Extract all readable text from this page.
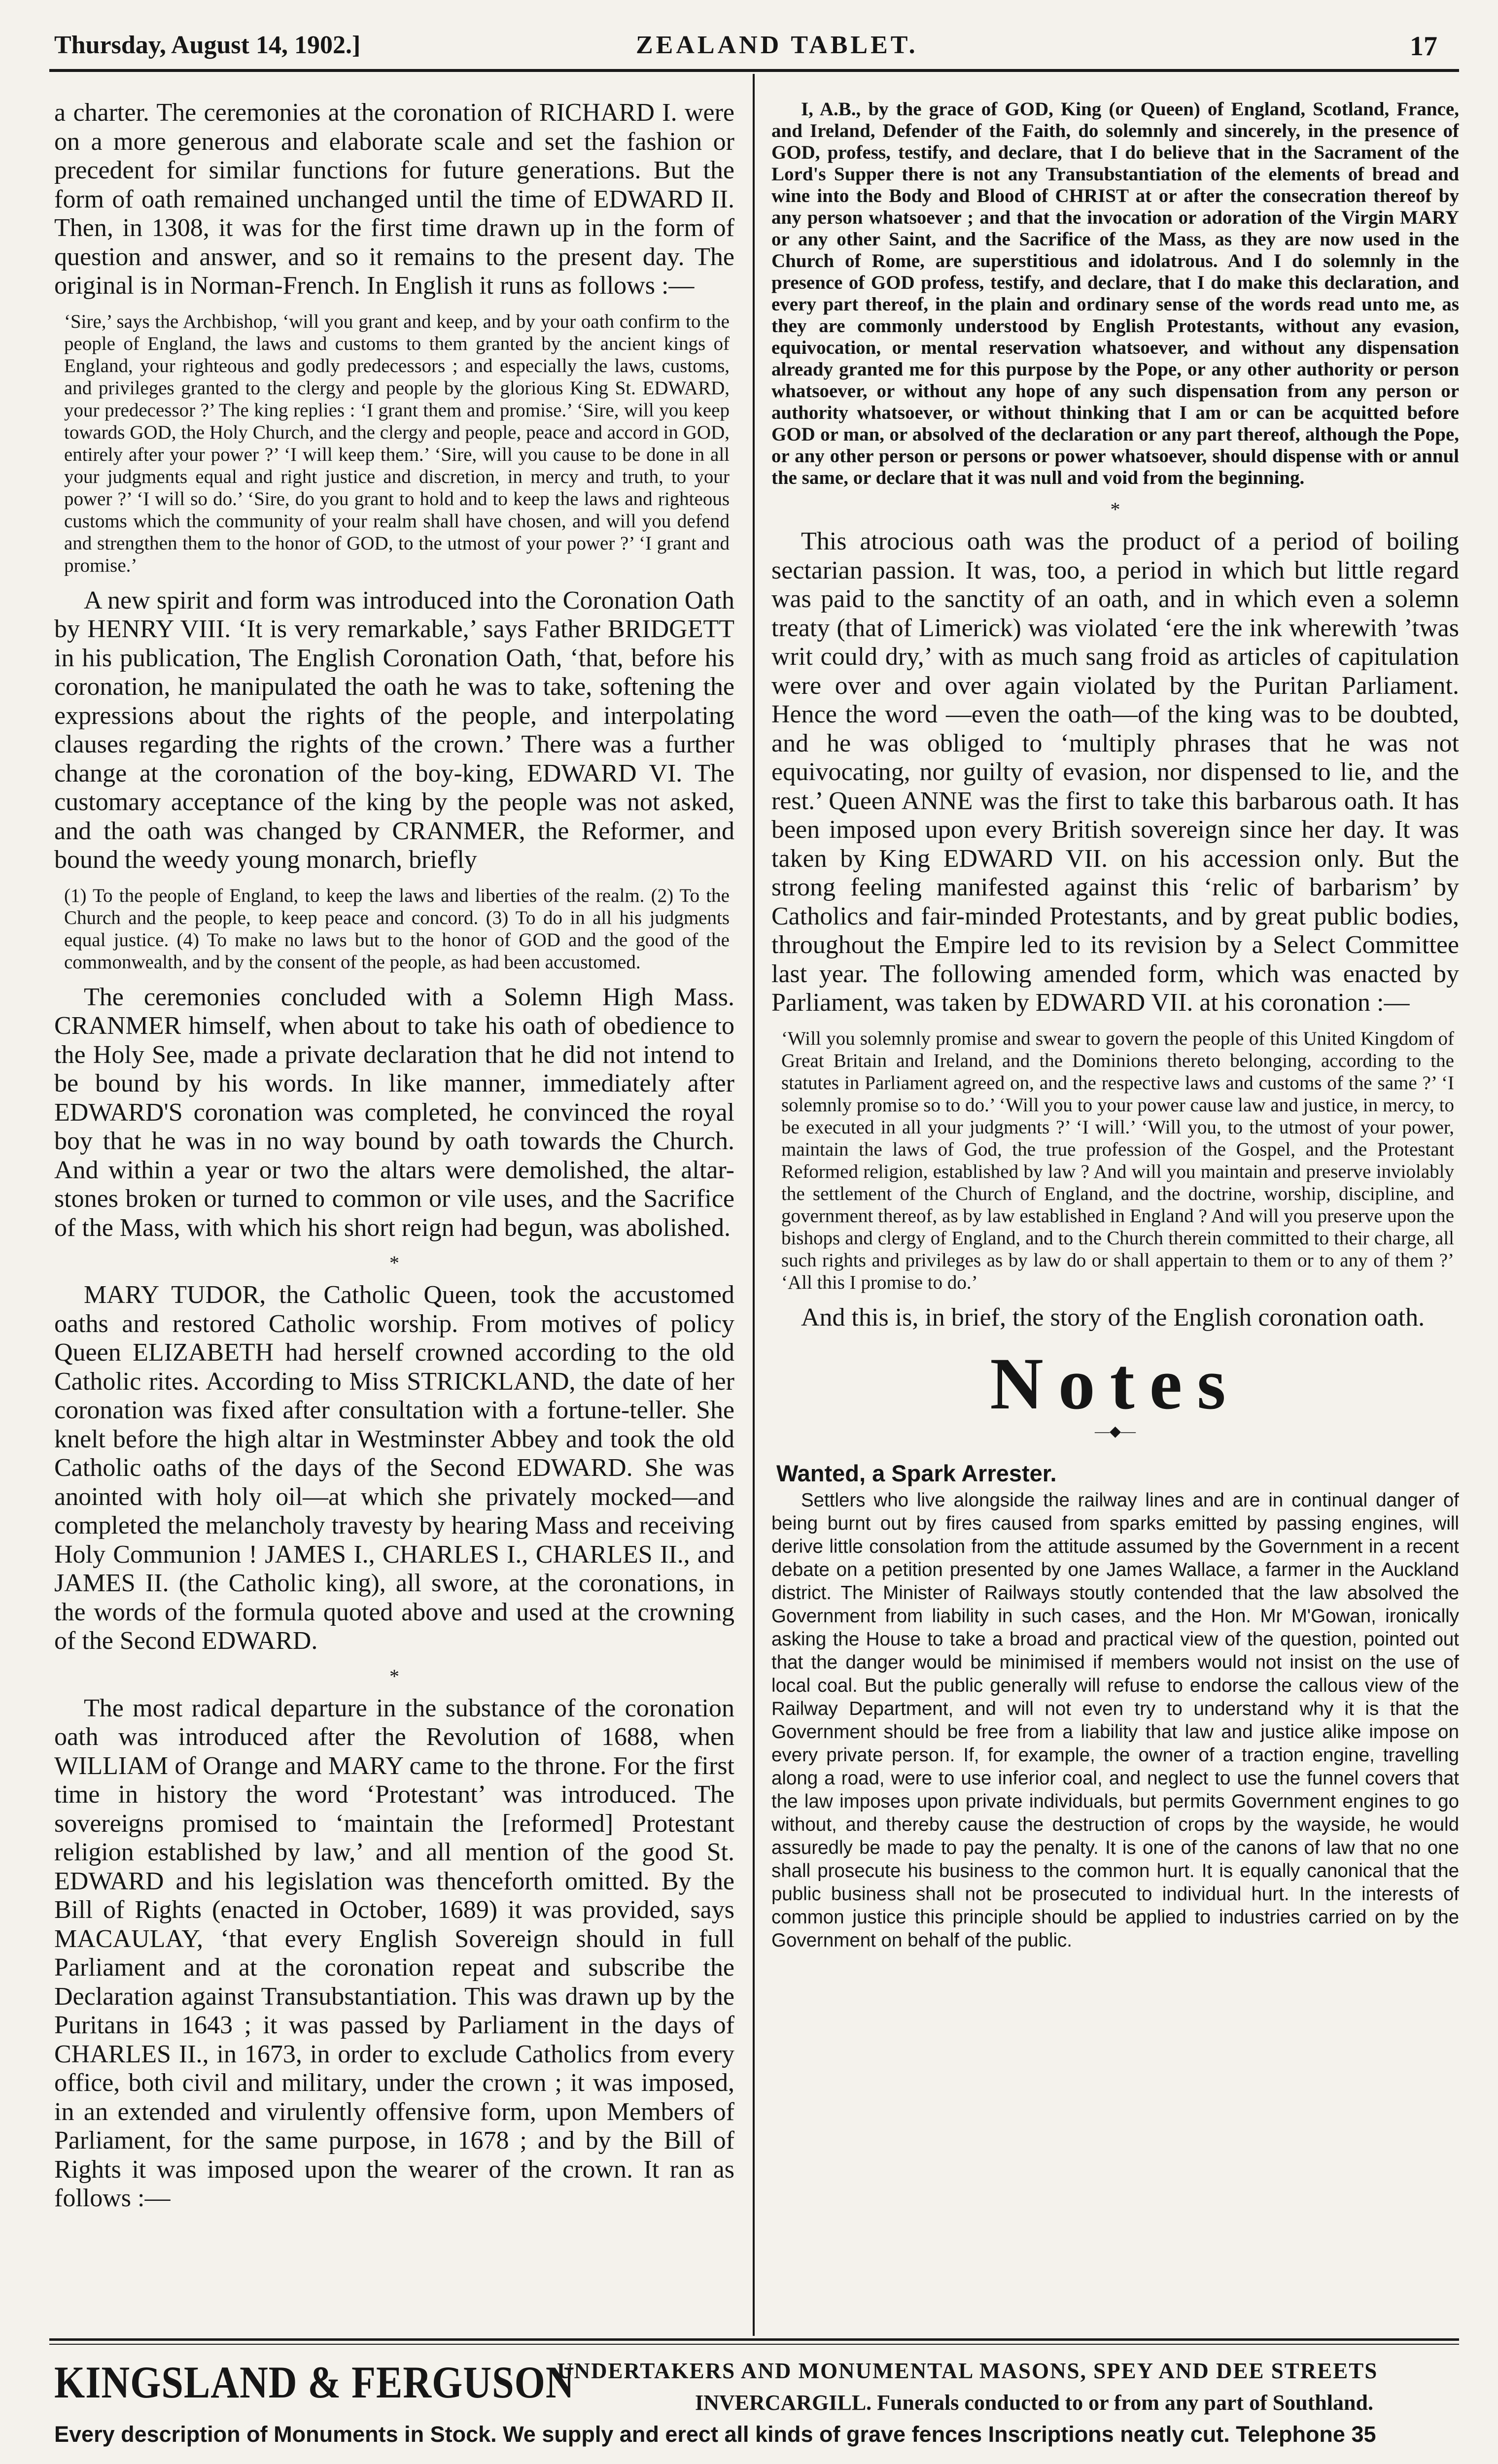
Thursday, August 14, 1902.]	ZEALAND TABLET.	17

a charter. The ceremonies at the coronation of RICHARD I. were on a more generous and elaborate scale and set the fashion or precedent for similar functions for future generations. But the form of oath remained unchanged until the time of EDWARD II. Then, in 1308, it was for the first time drawn up in the form of question and answer, and so it remains to the present day. The original is in Norman-French. In English it runs as follows :—

‘Sire,’ says the Archbishop, ‘will you grant and keep, and by your oath confirm to the people of England, the laws and customs to them granted by the ancient kings of England, your righteous and godly predecessors ; and especially the laws, customs, and privileges granted to the clergy and people by the glorious King St. EDWARD, your predecessor ?’ The king replies : ‘I grant them and promise.’ ‘Sire, will you keep towards GOD, the Holy Church, and the clergy and people, peace and accord in GOD, entirely after your power ?’ ‘I will keep them.’ ‘Sire, will you cause to be done in all your judgments equal and right justice and discretion, in mercy and truth, to your power ?’ ‘I will so do.’ ‘Sire, do you grant to hold and to keep the laws and righteous customs which the community of your realm shall have chosen, and will you defend and strengthen them to the honor of GOD, to the utmost of your power ?’ ‘I grant and promise.’

A new spirit and form was introduced into the Coronation Oath by HENRY VIII. ‘It is very remarkable,’ says Father BRIDGETT in his publication, The English Coronation Oath, ‘that, before his coronation, he manipulated the oath he was to take, softening the expressions about the rights of the people, and interpolating clauses regarding the rights of the crown.’ There was a further change at the coronation of the boy-king, EDWARD VI. The customary acceptance of the king by the people was not asked, and the oath was changed by CRANMER, the Reformer, and bound the weedy young monarch, briefly

(1) To the people of England, to keep the laws and liberties of the realm. (2) To the Church and the people, to keep peace and concord. (3) To do in all his judgments equal justice. (4) To make no laws but to the honor of GOD and the good of the commonwealth, and by the consent of the people, as had been accustomed.

The ceremonies concluded with a Solemn High Mass. CRANMER himself, when about to take his oath of obedience to the Holy See, made a private declaration that he did not intend to be bound by his words. In like manner, immediately after EDWARD'S coronation was completed, he convinced the royal boy that he was in no way bound by oath towards the Church. And within a year or two the altars were demolished, the altar-stones broken or turned to common or vile uses, and the Sacrifice of the Mass, with which his short reign had begun, was abolished.

*

MARY TUDOR, the Catholic Queen, took the accustomed oaths and restored Catholic worship. From motives of policy Queen ELIZABETH had herself crowned according to the old Catholic rites. According to Miss STRICKLAND, the date of her coronation was fixed after consultation with a fortune-teller. She knelt before the high altar in Westminster Abbey and took the old Catholic oaths of the days of the Second EDWARD. She was anointed with holy oil—at which she privately mocked—and completed the melancholy travesty by hearing Mass and receiving Holy Communion ! JAMES I., CHARLES I., CHARLES II., and JAMES II. (the Catholic king), all swore, at the coronations, in the words of the formula quoted above and used at the crowning of the Second EDWARD.

*

The most radical departure in the substance of the coronation oath was introduced after the Revolution of 1688, when WILLIAM of Orange and MARY came to the throne. For the first time in history the word ‘Protestant’ was introduced. The sovereigns promised to ‘maintain the [reformed] Protestant religion established by law,’ and all mention of the good St. EDWARD and his legislation was thenceforth omitted. By the Bill of Rights (enacted in October, 1689) it was provided, says MACAULAY, ‘that every English Sovereign should in full Parliament and at the coronation repeat and subscribe the Declaration against Transubstantiation. This was drawn up by the Puritans in 1643 ; it was passed by Parliament in the days of CHARLES II., in 1673, in order to exclude Catholics from every office, both civil and military, under the crown ; it was imposed, in an extended and virulently offensive form, upon Members of Parliament, for the same purpose, in 1678 ; and by the Bill of Rights it was imposed upon the wearer of the crown. It ran as follows :—

I, A.B., by the grace of GOD, King (or Queen) of England, Scotland, France, and Ireland, Defender of the Faith, do solemnly and sincerely, in the presence of GOD, profess, testify, and declare, that I do believe that in the Sacrament of the Lord's Supper there is not any Transubstantiation of the elements of bread and wine into the Body and Blood of CHRIST at or after the consecration thereof by any person whatsoever ; and that the invocation or adoration of the Virgin MARY or any other Saint, and the Sacrifice of the Mass, as they are now used in the Church of Rome, are superstitious and idolatrous. And I do solemnly in the presence of GOD profess, testify, and declare, that I do make this declaration, and every part thereof, in the plain and ordinary sense of the words read unto me, as they are commonly understood by English Protestants, without any evasion, equivocation, or mental reservation whatsoever, and without any dispensation already granted me for this purpose by the Pope, or any other authority or person whatsoever, or without any hope of any such dispensation from any person or authority whatsoever, or without thinking that I am or can be acquitted before GOD or man, or absolved of the declaration or any part thereof, although the Pope, or any other person or persons or power whatsoever, should dispense with or annul the same, or declare that it was null and void from the beginning.

*

This atrocious oath was the product of a period of boiling sectarian passion. It was, too, a period in which but little regard was paid to the sanctity of an oath, and in which even a solemn treaty (that of Limerick) was violated ‘ere the ink wherewith ’twas writ could dry,’ with as much sang froid as articles of capitulation were over and over again violated by the Puritan Parliament. Hence the word —even the oath—of the king was to be doubted, and he was obliged to ‘multiply phrases that he was not equivocating, nor guilty of evasion, nor dispensed to lie, and the rest.’ Queen ANNE was the first to take this barbarous oath. It has been imposed upon every British sovereign since her day. It was taken by King EDWARD VII. on his accession only. But the strong feeling manifested against this ‘relic of barbarism’ by Catholics and fair-minded Protestants, and by great public bodies, throughout the Empire led to its revision by a Select Committee last year. The following amended form, which was enacted by Parliament, was taken by EDWARD VII. at his coronation :—

‘Will you solemnly promise and swear to govern the people of this United Kingdom of Great Britain and Ireland, and the Dominions thereto belonging, according to the statutes in Parliament agreed on, and the respective laws and customs of the same ?’ ‘I solemnly promise so to do.’ ‘Will you to your power cause law and justice, in mercy, to be executed in all your judgments ?’ ‘I will.’ ‘Will you, to the utmost of your power, maintain the laws of God, the true profession of the Gospel, and the Protestant Reformed religion, established by law ? And will you maintain and preserve inviolably the settlement of the Church of England, and the doctrine, worship, discipline, and government thereof, as by law established in England ? And will you preserve upon the bishops and clergy of England, and to the Church therein committed to their charge, all such rights and privileges as by law do or shall appertain to them or to any of them ?’ ‘All this I promise to do.’

And this is, in brief, the story of the English coronation oath.

Notes
—◆—
Wanted, a Spark Arrester.

Settlers who live alongside the railway lines and are in continual danger of being burnt out by fires caused from sparks emitted by passing engines, will derive little consolation from the attitude assumed by the Government in a recent debate on a petition presented by one James Wallace, a farmer in the Auckland district. The Minister of Railways stoutly contended that the law absolved the Government from liability in such cases, and the Hon. Mr M'Gowan, ironically asking the House to take a broad and practical view of the question, pointed out that the danger would be minimised if members would not insist on the use of local coal. But the public generally will refuse to endorse the callous view of the Railway Department, and will not even try to understand why it is that the Government should be free from a liability that law and justice alike impose on every private person. If, for example, the owner of a traction engine, travelling along a road, were to use inferior coal, and neglect to use the funnel covers that the law imposes upon private individuals, but permits Government engines to go without, and thereby cause the destruction of crops by the wayside, he would assuredly be made to pay the penalty. It is one of the canons of law that no one shall prosecute his business to the common hurt. It is equally canonical that the public business shall not be prosecuted to individual hurt. In the interests of common justice this principle should be applied to industries carried on by the Government on behalf of the public.

KINGSLAND & FERGUSON
UNDERTAKERS AND MONUMENTAL MASONS, SPEY AND DEE STREETS
INVERCARGILL. Funerals conducted to or from any part of Southland.
Every description of Monuments in Stock. We supply and erect all kinds of grave fences Inscriptions neatly cut. Telephone 35
